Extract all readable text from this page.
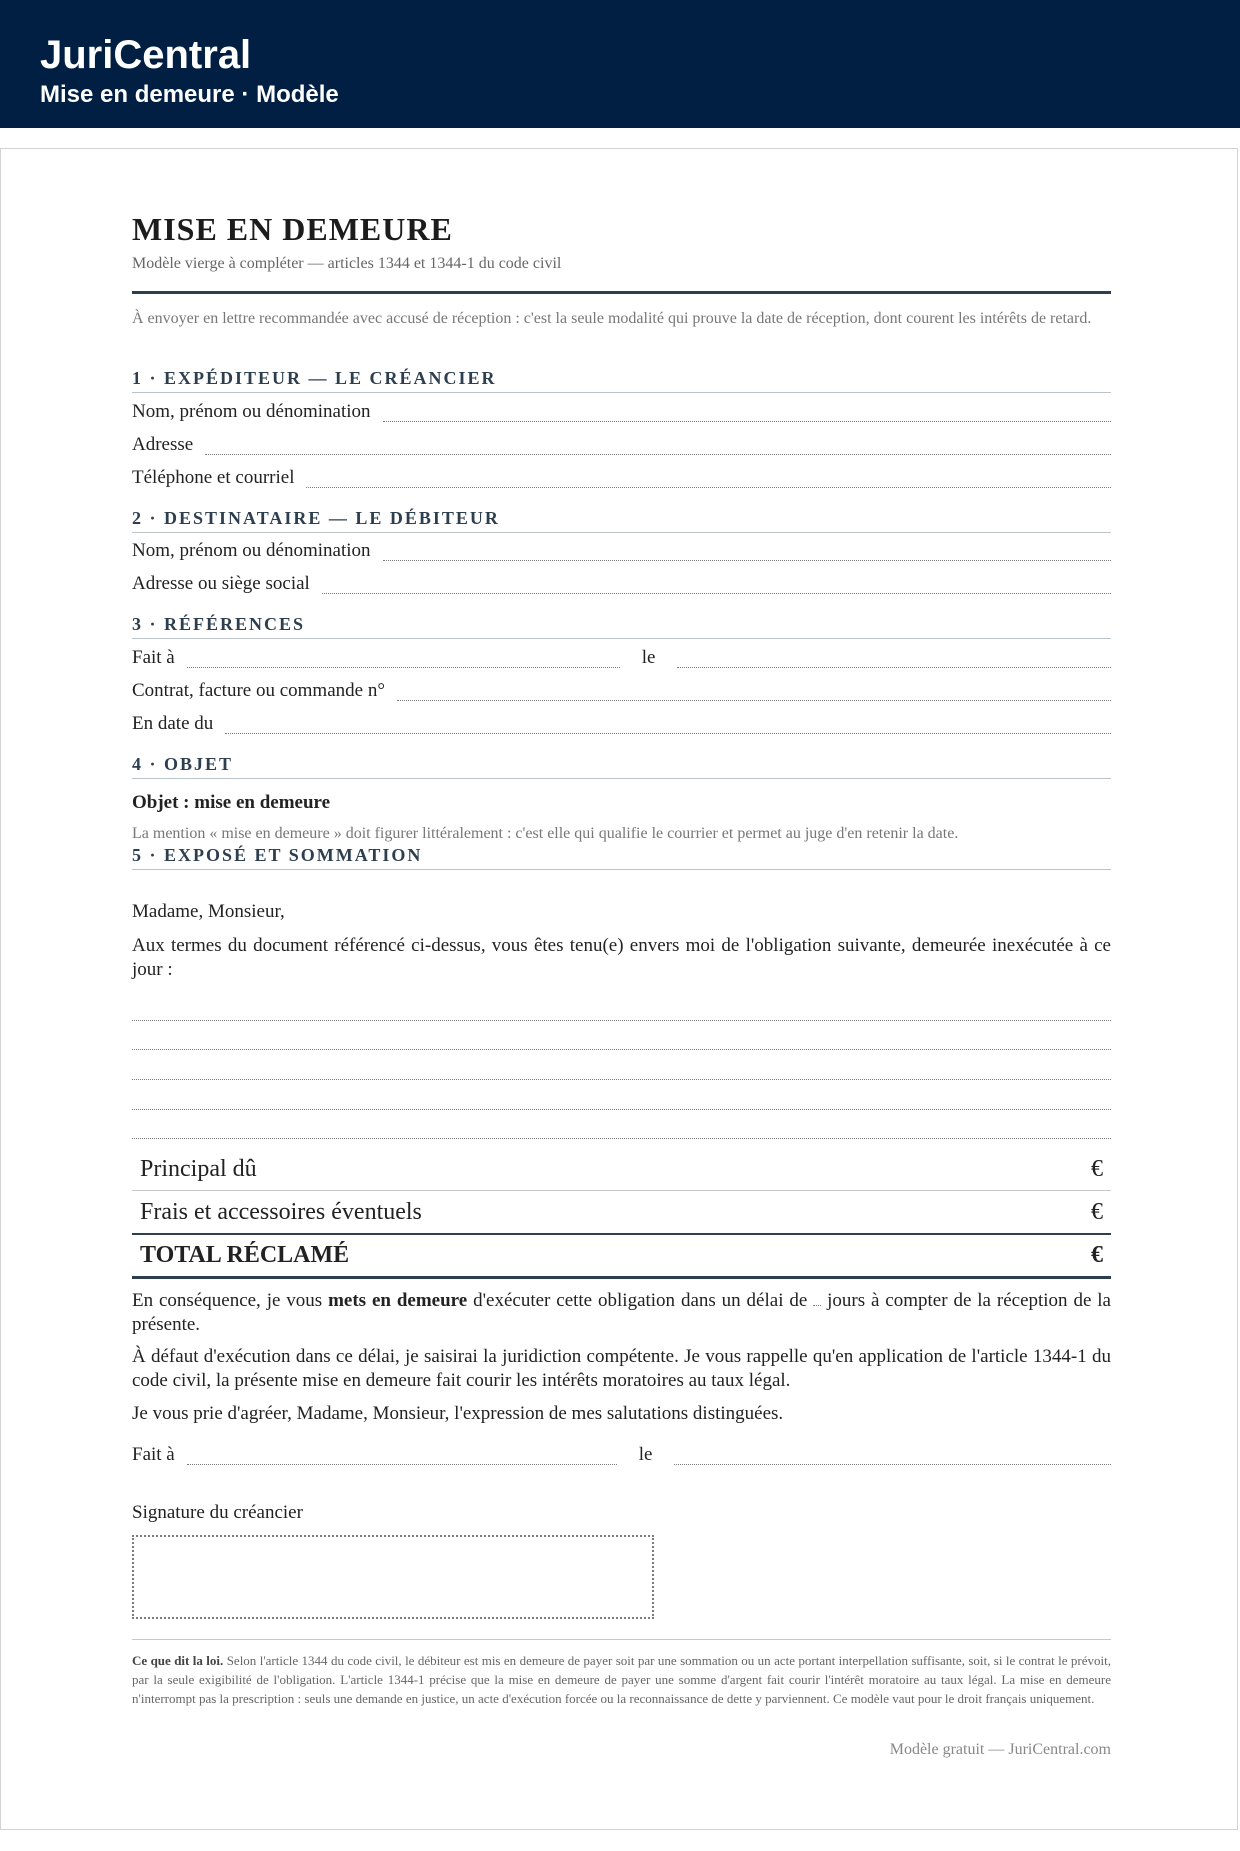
JuriCentral
Mise en demeure · Modèle
MISE EN DEMEURE
Modèle vierge à compléter — articles 1344 et 1344-1 du code civil
À envoyer en lettre recommandée avec accusé de réception : c'est la seule modalité qui prouve la date de réception, dont courent les intérêts de retard.
1 · EXPÉDITEUR — LE CRÉANCIER
Nom, prénom ou dénomination
Adresse
Téléphone et courriel
2 · DESTINATAIRE — LE DÉBITEUR
Nom, prénom ou dénomination
Adresse ou siège social
3 · RÉFÉRENCES
Fait à	le
Contrat, facture ou commande n°
En date du
4 · OBJET
Objet : mise en demeure
La mention « mise en demeure » doit figurer littéralement : c'est elle qui qualifie le courrier et permet au juge d'en retenir la date.
5 · EXPOSÉ ET SOMMATION
Madame, Monsieur,
Aux termes du document référencé ci-dessus, vous êtes tenu(e) envers moi de l'obligation suivante, demeurée inexécutée à ce jour :
Principal dû	€
Frais et accessoires éventuels	€
TOTAL RÉCLAMÉ	€
En conséquence, je vous mets en demeure d'exécuter cette obligation dans un délai de  jours à compter de la réception de la présente.
À défaut d'exécution dans ce délai, je saisirai la juridiction compétente. Je vous rappelle qu'en application de l'article 1344-1 du code civil, la présente mise en demeure fait courir les intérêts moratoires au taux légal.
Je vous prie d'agréer, Madame, Monsieur, l'expression de mes salutations distinguées.
Fait à	le
Signature du créancier
Ce que dit la loi. Selon l'article 1344 du code civil, le débiteur est mis en demeure de payer soit par une sommation ou un acte portant interpellation suffisante, soit, si le contrat le prévoit, par la seule exigibilité de l'obligation. L'article 1344-1 précise que la mise en demeure de payer une somme d'argent fait courir l'intérêt moratoire au taux légal. La mise en demeure n'interrompt pas la prescription : seuls une demande en justice, un acte d'exécution forcée ou la reconnaissance de dette y parviennent. Ce modèle vaut pour le droit français uniquement.
Modèle gratuit — JuriCentral.com
